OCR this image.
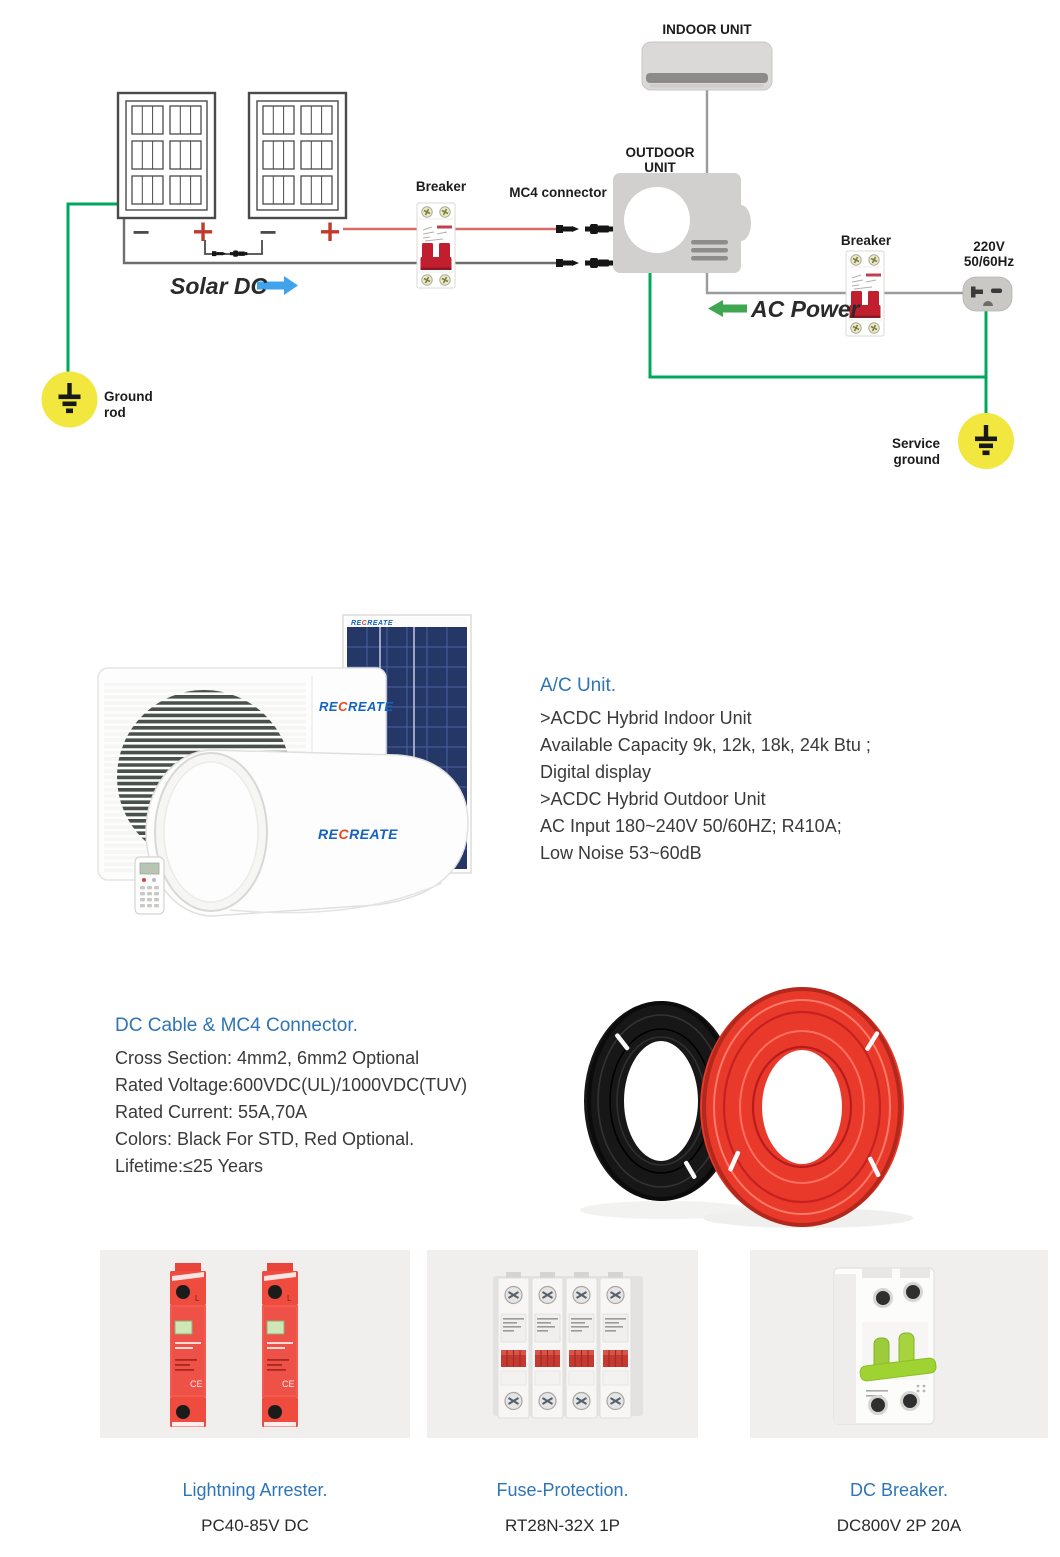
− + − +
Breaker	MC4 connector
OUTDOOR
UNIT
INDOOR UNIT
Breaker	220V
50/60Hz
Solar DC
AC Power
Ground
rod
Service
ground
RECREATE
RECREATE
RECREATE
A/C Unit.
>ACDC Hybrid Indoor Unit
Available Capacity 9k, 12k, 18k, 24k Btu ;
Digital display
>ACDC Hybrid Outdoor Unit
AC Input 180~240V 50/60HZ; R410A;
Low Noise 53~60dB
DC Cable & MC4 Connector.
Cross Section: 4mm2, 6mm2 Optional
Rated Voltage:600VDC(UL)/1000VDC(TUV)
Rated Current: 55A,70A
Colors: Black For STD, Red Optional.
Lifetime:≤25 Years
L
CE
Lightning Arrester.
PC40-85V DC
Fuse-Protection.
RT28N-32X 1P
DC Breaker.
DC800V 2P 20A
